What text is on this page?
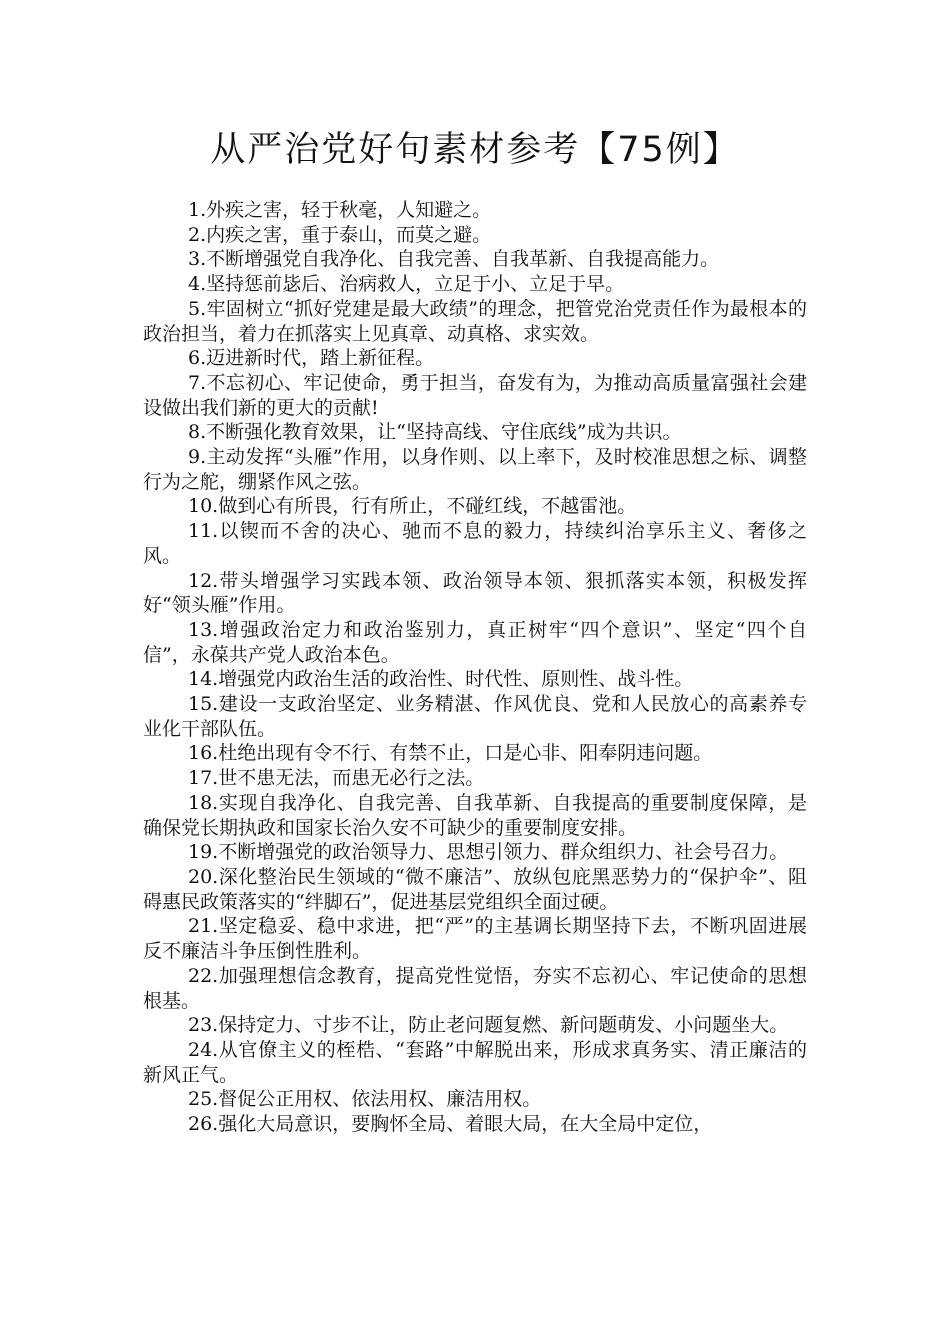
从严治党好句素材参考【75例】

1.外疾之害，轻于秋毫，人知避之。

2.内疾之害，重于泰山，而莫之避。

3.不断增强党自我净化、自我完善、自我革新、自我提高能力。

4.坚持惩前毖后、治病救人，立足于小、立足于早。

5.牢固树立“抓好党建是最大政绩”的理念，把管党治党责任作为最根本的政治担当，着力在抓落实上见真章、动真格、求实效。

6.迈进新时代，踏上新征程。

7.不忘初心、牢记使命，勇于担当，奋发有为，为推动高质量富强社会建设做出我们新的更大的贡献!

8.不断强化教育效果，让“坚持高线、守住底线”成为共识。

9.主动发挥“头雁”作用，以身作则、以上率下，及时校准思想之标、调整行为之舵，绷紧作风之弦。

10.做到心有所畏，行有所止，不碰红线，不越雷池。

11.以锲而不舍的决心、驰而不息的毅力，持续纠治享乐主义、奢侈之风。

12.带头增强学习实践本领、政治领导本领、狠抓落实本领，积极发挥好“领头雁”作用。

13.增强政治定力和政治鉴别力，真正树牢“四个意识”、坚定“四个自信”，永葆共产党人政治本色。

14.增强党内政治生活的政治性、时代性、原则性、战斗性。

15.建设一支政治坚定、业务精湛、作风优良、党和人民放心的高素养专业化干部队伍。

16.杜绝出现有令不行、有禁不止，口是心非、阳奉阴违问题。

17.世不患无法，而患无必行之法。

18.实现自我净化、自我完善、自我革新、自我提高的重要制度保障，是确保党长期执政和国家长治久安不可缺少的重要制度安排。

19.不断增强党的政治领导力、思想引领力、群众组织力、社会号召力。

20.深化整治民生领域的“微不廉洁”、放纵包庇黑恶势力的“保护伞”、阻碍惠民政策落实的“绊脚石”，促进基层党组织全面过硬。

21.坚定稳妥、稳中求进，把“严”的主基调长期坚持下去，不断巩固进展反不廉洁斗争压倒性胜利。

22.加强理想信念教育，提高党性觉悟，夯实不忘初心、牢记使命的思想根基。

23.保持定力、寸步不让，防止老问题复燃、新问题萌发、小问题坐大。

24.从官僚主义的桎梏、“套路”中解脱出来，形成求真务实、清正廉洁的新风正气。

25.督促公正用权、依法用权、廉洁用权。

26.强化大局意识，要胸怀全局、着眼大局，在大全局中定位，
